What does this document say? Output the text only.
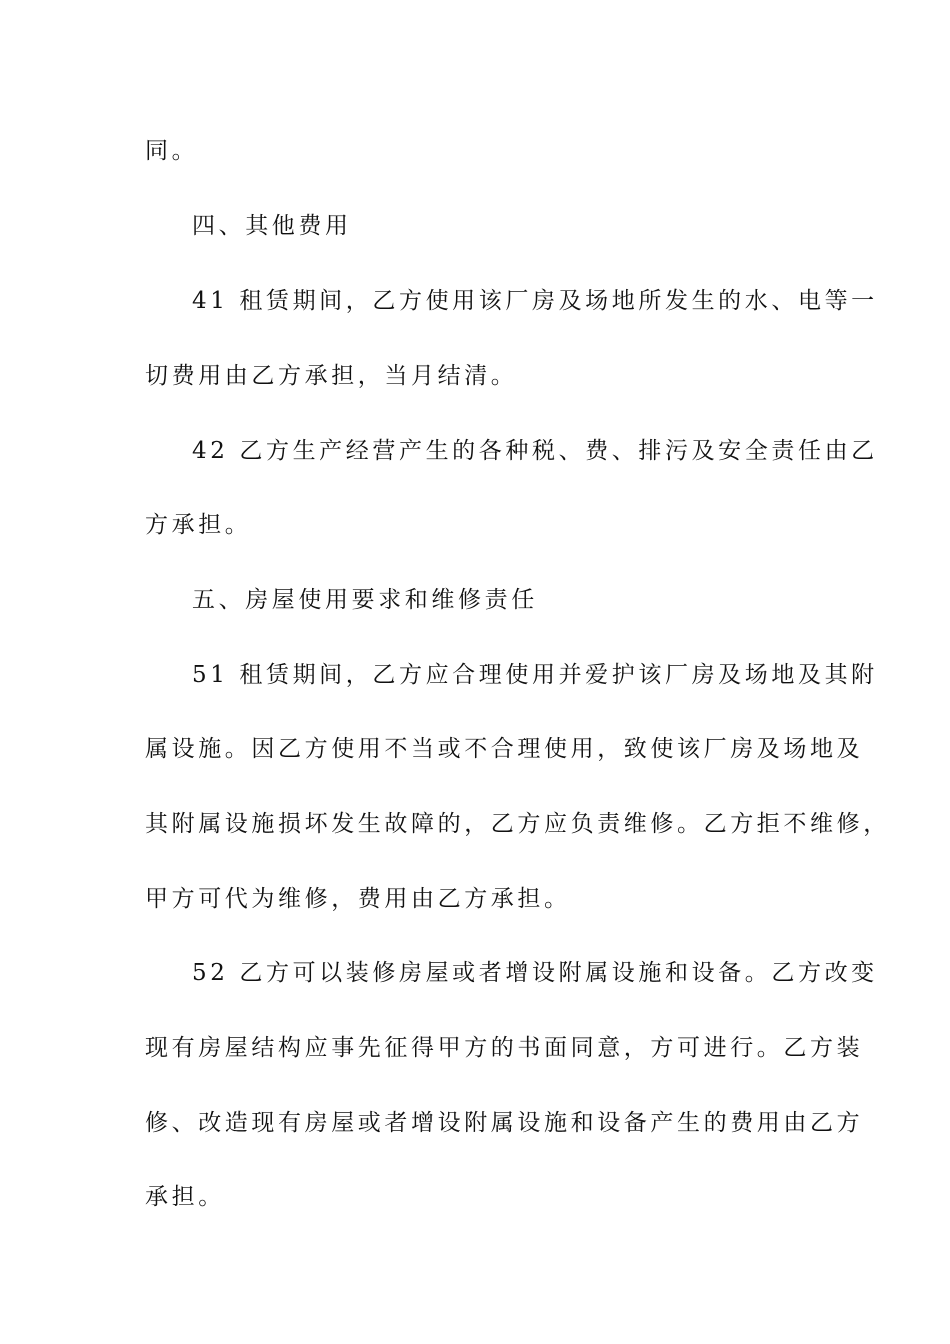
同。
四、其他费用
41 租赁期间，乙方使用该厂房及场地所发生的水、电等一
切费用由乙方承担，当月结清。
42 乙方生产经营产生的各种税、费、排污及安全责任由乙
方承担。
五、房屋使用要求和维修责任
51 租赁期间，乙方应合理使用并爱护该厂房及场地及其附
属设施。因乙方使用不当或不合理使用，致使该厂房及场地及
其附属设施损坏发生故障的，乙方应负责维修。乙方拒不维修，
甲方可代为维修，费用由乙方承担。
52 乙方可以装修房屋或者增设附属设施和设备。乙方改变
现有房屋结构应事先征得甲方的书面同意，方可进行。乙方装
修、改造现有房屋或者增设附属设施和设备产生的费用由乙方
承担。
